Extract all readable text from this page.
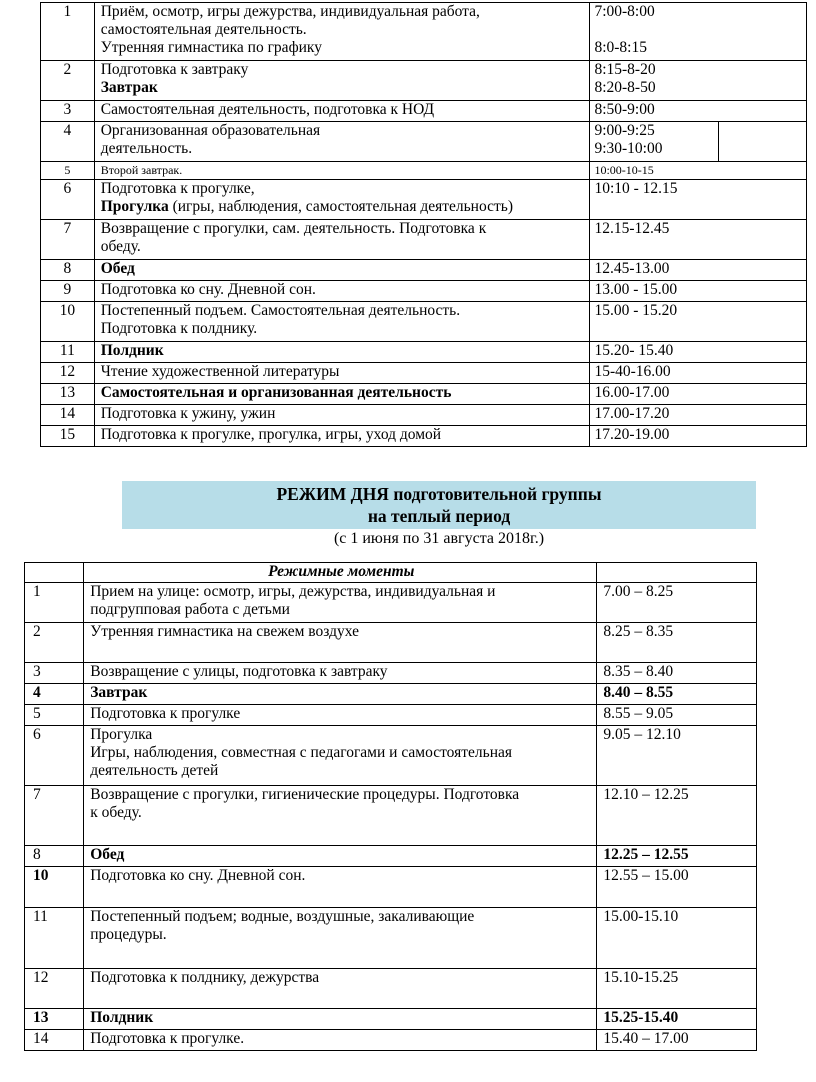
1	Приём, осмотр, игры дежурства, индивидуальная работа,
самостоятельная деятельность.
Утренняя гимнастика по графику	7:00-8:00

8:0-8:15	
2	Подготовка к завтраку
Завтрак	8:15-8-20
8:20-8-50	
3	Самостоятельная деятельность, подготовка к НОД	8:50-9:00	
4	Организованная образовательная
деятельность.	9:00-9:25
9:30-10:00	
5	Второй завтрак.	10:00-10-15	
6	Подготовка к прогулке,
Прогулка (игры, наблюдения, самостоятельная деятельность)	10:10 - 12.15	
7	Возвращение с прогулки, сам. деятельность. Подготовка к
обеду.	12.15-12.45	
8	Обед	12.45-13.00	
9	Подготовка ко сну. Дневной сон.	13.00 - 15.00	
10	Постепенный подъем. Самостоятельная деятельность.
Подготовка к полднику.	15.00 - 15.20	
11	Полдник	15.20- 15.40	
12	Чтение художественной литературы	15-40-16.00	
13	Самостоятельная и организованная деятельность	16.00-17.00	
14	Подготовка к ужину, ужин	17.00-17.20	
15	Подготовка к прогулке, прогулка, игры, уход домой	17.20-19.00	
РЕЖИМ ДНЯ подготовительной группы
на теплый период
(с 1 июня по 31 августа 2018г.)
	Режимные моменты	
1	Прием на улице: осмотр, игры, дежурства, индивидуальная и
подгрупповая работа с детьми	7.00 – 8.25
2	Утренняя гимнастика на свежем воздухе	8.25 – 8.35
3	Возвращение с улицы, подготовка к завтраку	8.35 – 8.40
4	Завтрак	8.40 – 8.55
5	Подготовка к прогулке	8.55 – 9.05
6	Прогулка
Игры, наблюдения, совместная с педагогами и самостоятельная
деятельность детей	9.05 – 12.10
7	Возвращение с прогулки, гигиенические процедуры. Подготовка
к обеду.	12.10 – 12.25
8	Обед	12.25 – 12.55
10	Подготовка ко сну. Дневной сон.	12.55 – 15.00
11	Постепенный подъем; водные, воздушные, закаливающие
процедуры.	15.00-15.10
12	Подготовка к полднику, дежурства	15.10-15.25
13	Полдник	15.25-15.40
14	Подготовка к прогулке.	15.40 – 17.00
